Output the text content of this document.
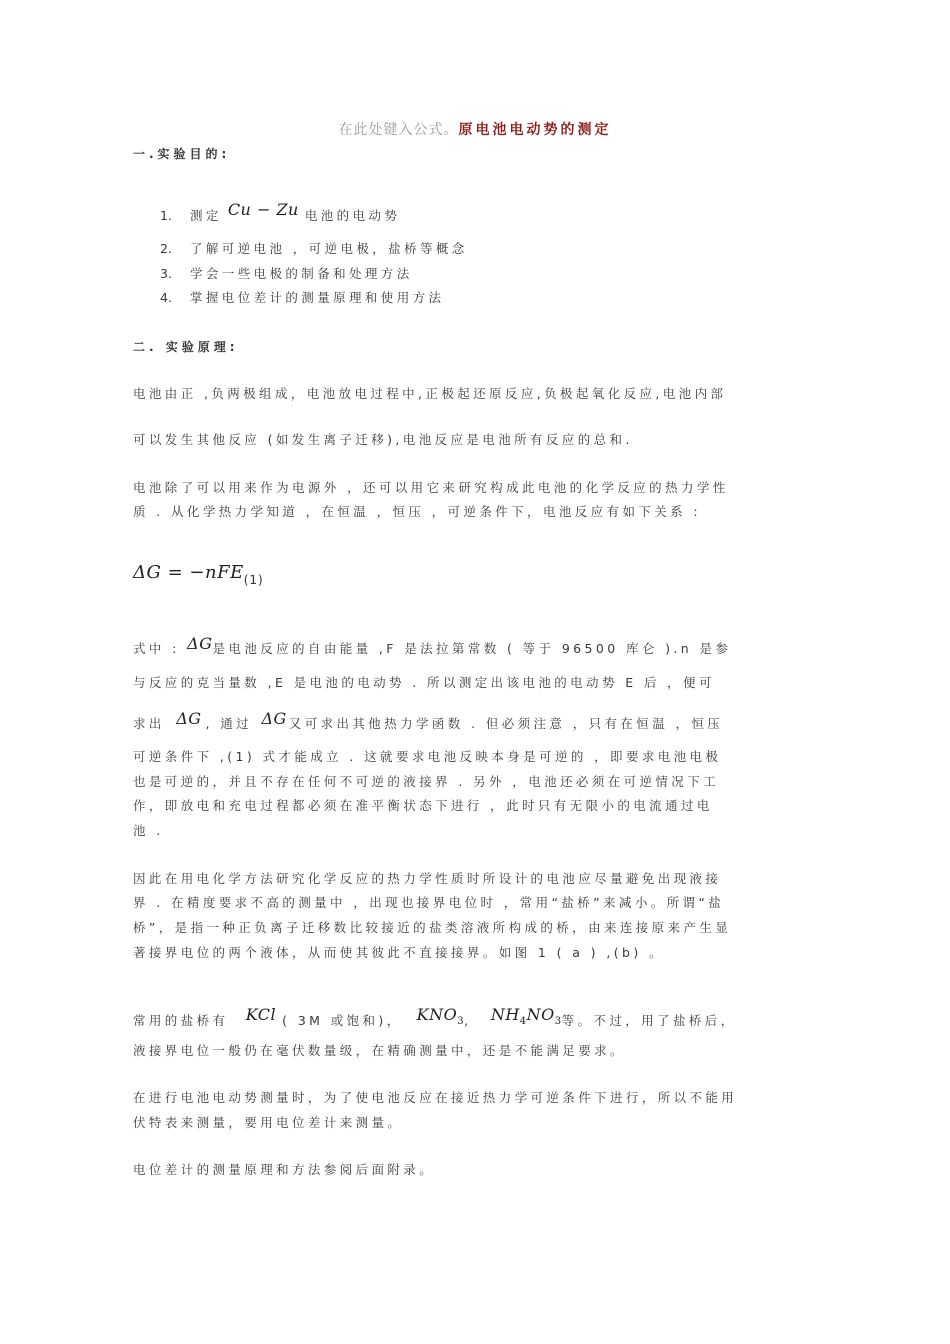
在此处键入公式。原电池电动势的测定
一.实验目的:
1. 测定 Cu − Zu 电池的电动势
2. 了解可逆电池 ，可逆电极，盐桥等概念
3. 学会一些电极的制备和处理方法
4. 掌握电位差计的测量原理和使用方法
二. 实验原理:
电池由正 ,负两极组成，电池放电过程中,正极起还原反应,负极起氧化反应,电池内部
可以发生其他反应 (如发生离子迁移),电池反应是电池所有反应的总和.
电池除了可以用来作为电源外 ，还可以用它来研究构成此电池的化学反应的热力学性
质 . 从化学热力学知道 ，在恒温 ，恒压 ，可逆条件下，电池反应有如下关系 :
ΔG = −nFE(1)
式中 : ΔG是电池反应的自由能量 ,F 是法拉第常数 ( 等于 96500 库仑 ).n 是参
与反应的克当量数 ,E 是电池的电动势 . 所以测定出该电池的电动势 E 后 ，便可
求出 ΔG , 通过 ΔG 又可求出其他热力学函数 . 但必须注意 ，只有在恒温 ，恒压
可逆条件下 ,(1) 式才能成立 . 这就要求电池反映本身是可逆的 ，即要求电池电极
也是可逆的，并且不存在任何不可逆的液接界 . 另外 ，电池还必须在可逆情况下工
作，即放电和充电过程都必须在准平衡状态下进行 ，此时只有无限小的电流通过电
池 .
因此在用电化学方法研究化学反应的热力学性质时所设计的电池应尽量避免出现液接
界 . 在精度要求不高的测量中 ，出现也接界电位时 ，常用“盐桥”来减小。所谓“盐
桥”，是指一种正负离子迁移数比较接近的盐类溶液所构成的桥，由来连接原来产生显
著接界电位的两个液体，从而使其彼此不直接接界。如图 1 ( a ) ,(b) 。
常用的盐桥有 KCl ( 3M 或饱和)， $KNO_3$, $NH_4NO_3$等。不过，用了盐桥后，
液接界电位一般仍在毫伏数量级，在精确测量中，还是不能满足要求。
在进行电池电动势测量时，为了使电池反应在接近热力学可逆条件下进行，所以不能用
伏特表来测量，要用电位差计来测量。
电位差计的测量原理和方法参阅后面附录。
